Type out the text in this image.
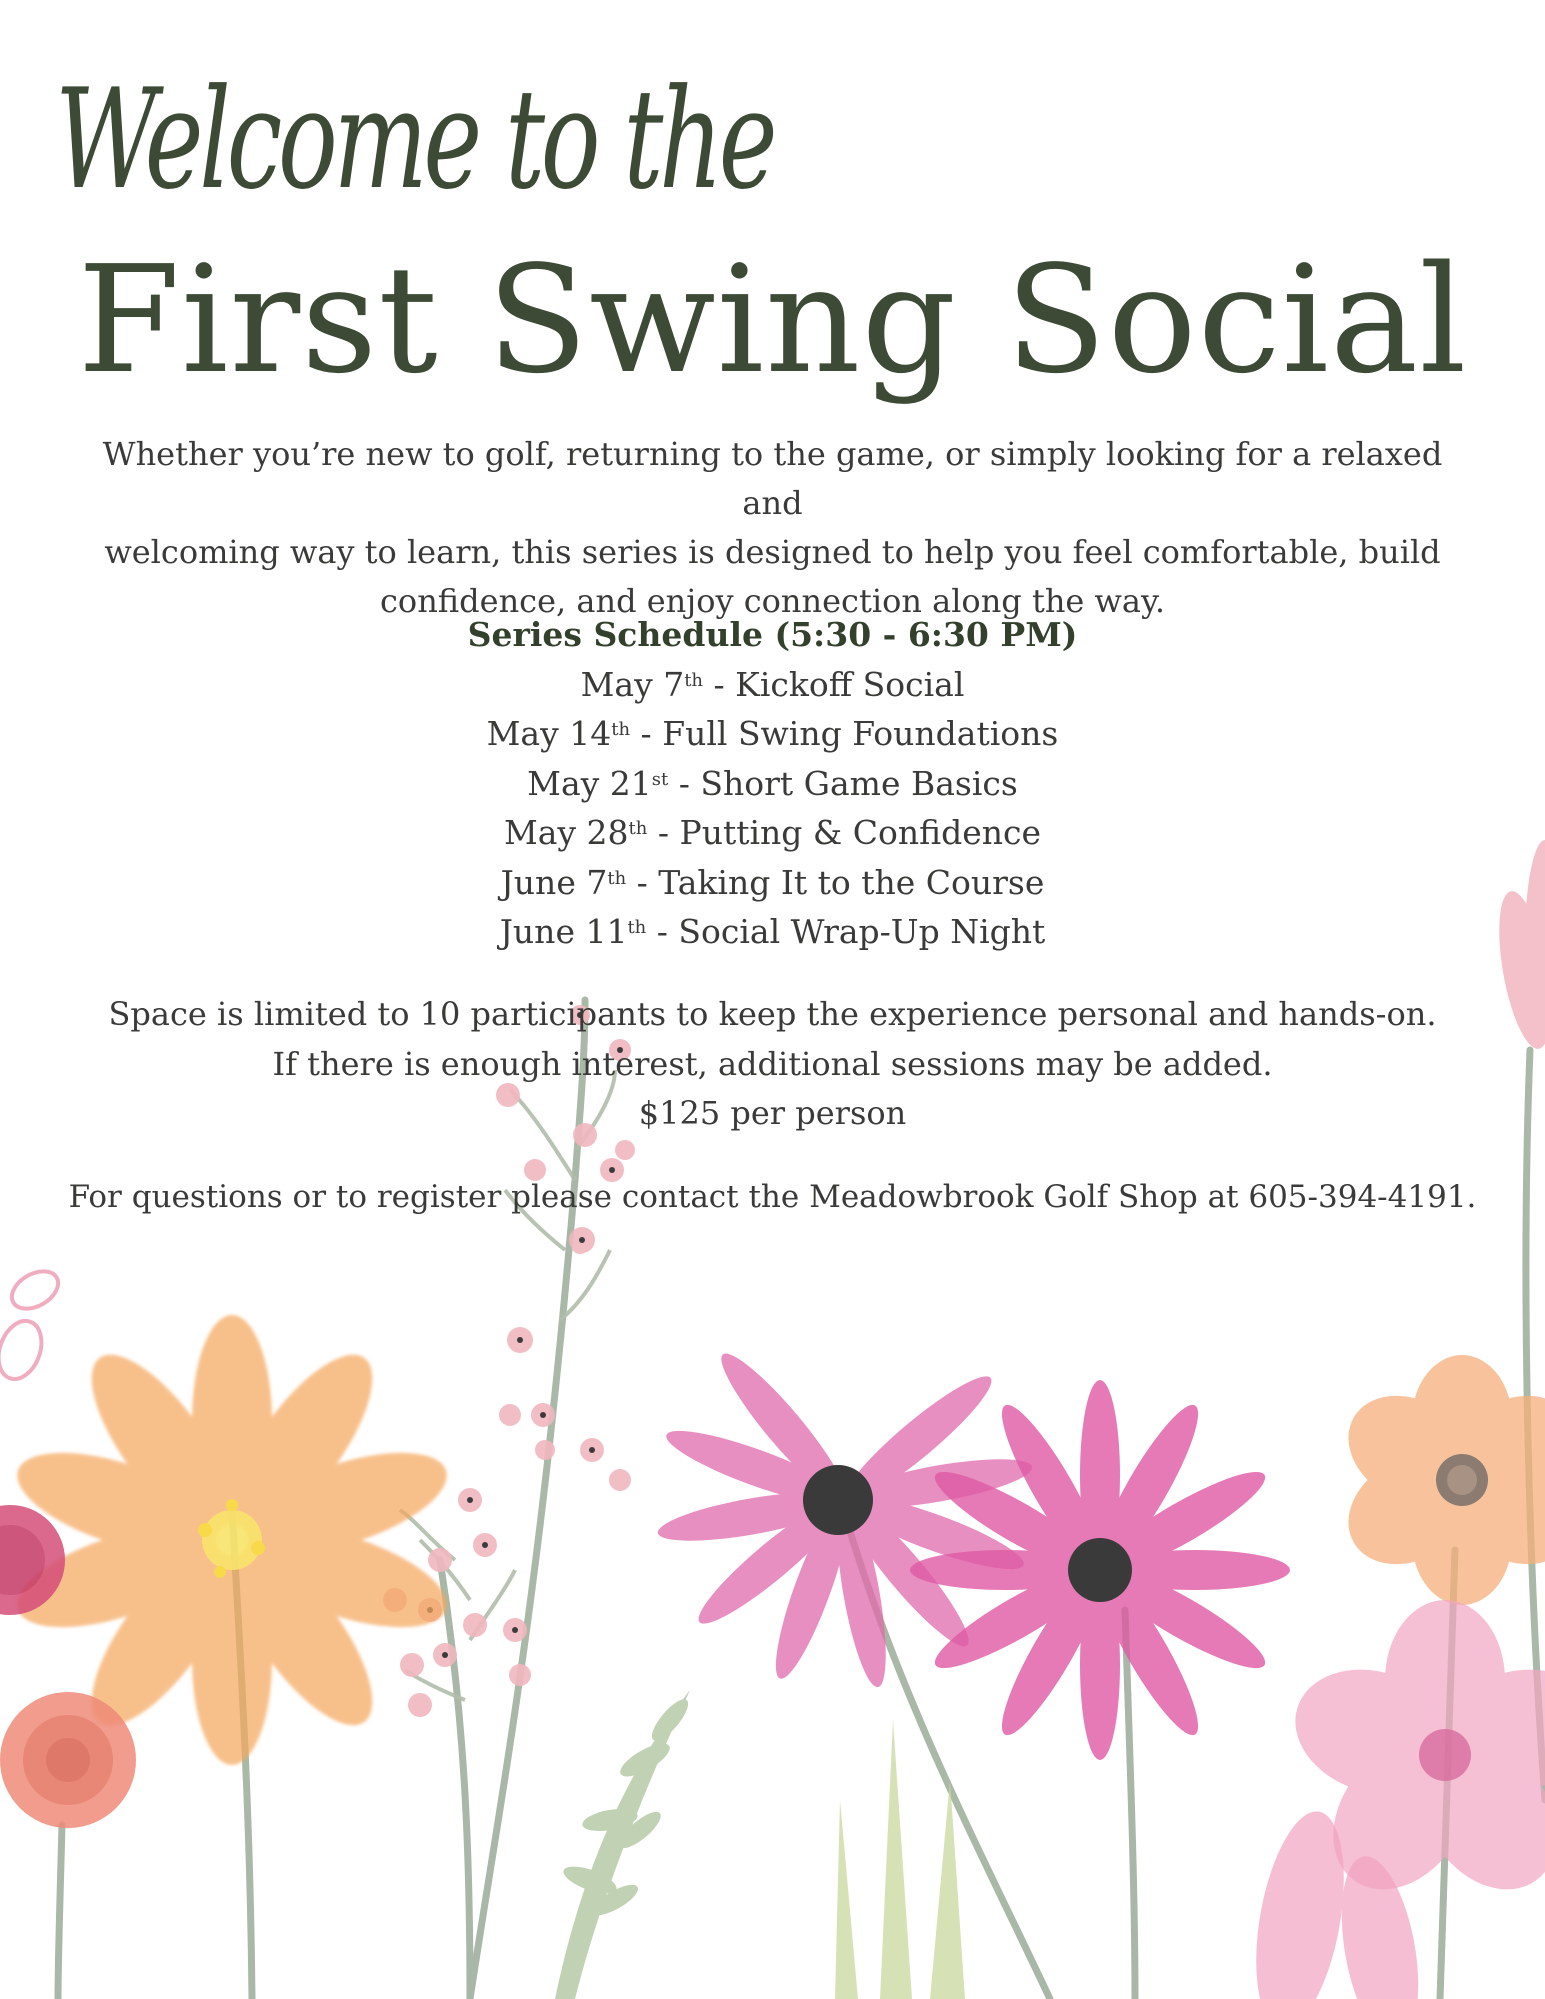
Welcome to the
First Swing Social
Whether you’re new to golf, returning to the game, or simply looking for a relaxed and
welcoming way to learn, this series is designed to help you feel comfortable, build
confidence, and enjoy connection along the way.
Series Schedule (5:30 - 6:30 PM)
May 7th - Kickoff Social
May 14th - Full Swing Foundations
May 21st - Short Game Basics
May 28th - Putting & Confidence
June 7th - Taking It to the Course
June 11th - Social Wrap-Up Night
Space is limited to 10 participants to keep the experience personal and hands-on.
If there is enough interest, additional sessions may be added.
$125 per person
For questions or to register please contact the Meadowbrook Golf Shop at 605-394-4191.
